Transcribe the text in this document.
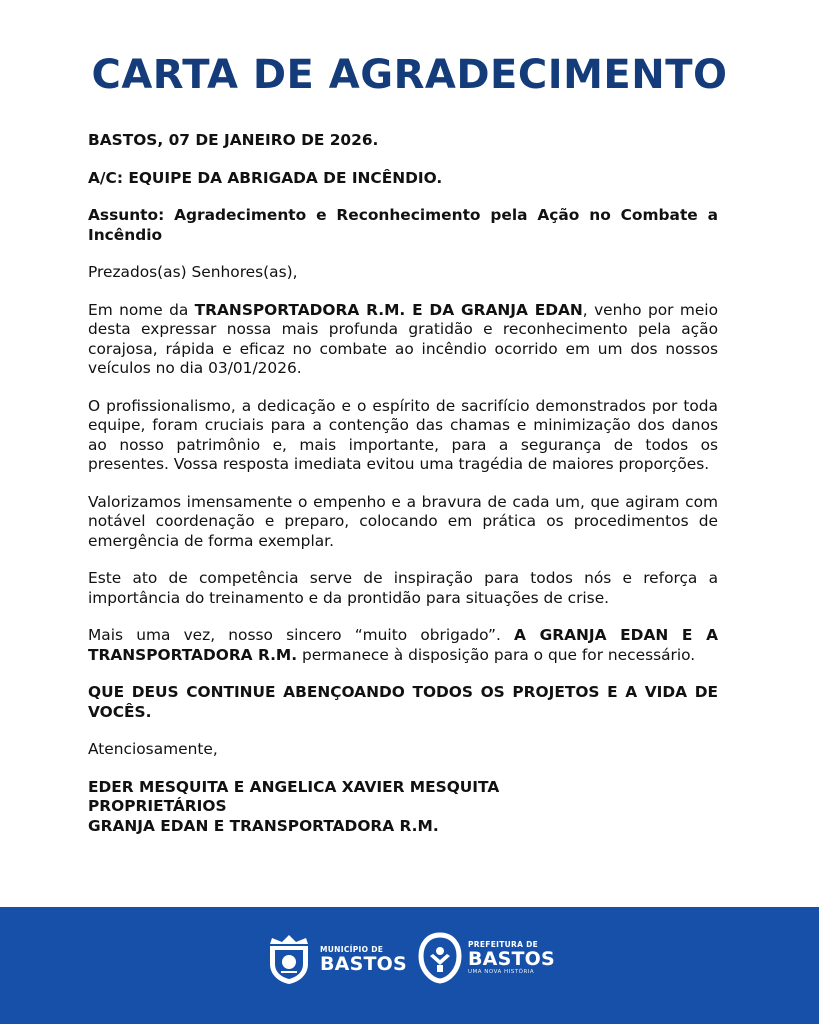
CARTA DE AGRADECIMENTO

BASTOS, 07 DE JANEIRO DE 2026.

A/C: EQUIPE DA ABRIGADA DE INCÊNDIO.

Assunto: Agradecimento e Reconhecimento pela Ação no Combate a Incêndio

Prezados(as) Senhores(as),

Em nome da TRANSPORTADORA R.M. E DA GRANJA EDAN, venho por meio desta expressar nossa mais profunda gratidão e reconhecimento pela ação corajosa, rápida e eficaz no combate ao incêndio ocorrido em um dos nossos veículos no dia 03/01/2026.

O profissionalismo, a dedicação e o espírito de sacrifício demonstrados por toda equipe, foram cruciais para a contenção das chamas e minimização dos danos ao nosso patrimônio e, mais importante, para a segurança de todos os presentes. Vossa resposta imediata evitou uma tragédia de maiores proporções.

Valorizamos imensamente o empenho e a bravura de cada um, que agiram com notável coordenação e preparo, colocando em prática os procedimentos de emergência de forma exemplar.

Este ato de competência serve de inspiração para todos nós e reforça a importância do treinamento e da prontidão para situações de crise.

Mais uma vez, nosso sincero “muito obrigado”. A GRANJA EDAN E A TRANSPORTADORA R.M. permanece à disposição para o que for necessário.

QUE DEUS CONTINUE ABENÇOANDO TODOS OS PROJETOS E A VIDA DE VOCÊS.

Atenciosamente,

EDER MESQUITA E ANGELICA XAVIER MESQUITA
PROPRIETÁRIOS
GRANJA EDAN E TRANSPORTADORA R.M.
MUNICÍPIO DE
BASTOS
PREFEITURA DE
BASTOS
UMA NOVA HISTÓRIA
